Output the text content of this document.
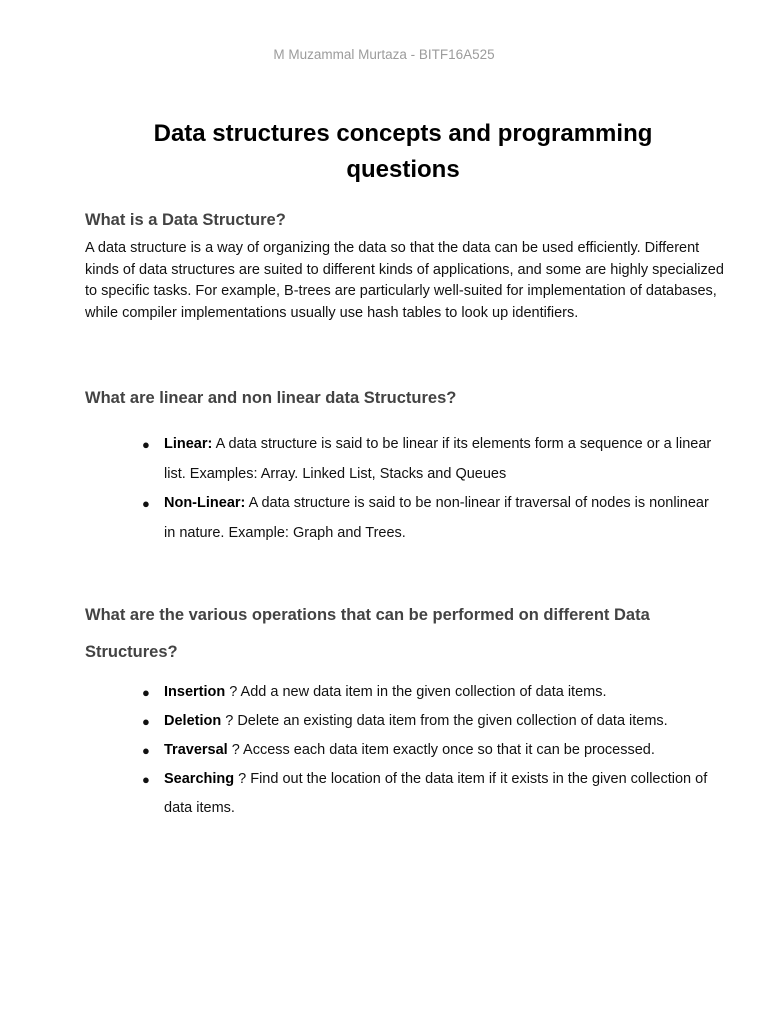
M Muzammal Murtaza - BITF16A525
Data structures concepts and programming questions
What is a Data Structure?

A data structure is a way of organizing the data so that the data can be used efficiently. Different kinds of data structures are suited to different kinds of applications, and some are highly specialized to specific tasks. For example, B-trees are particularly well-suited for implementation of databases, while compiler implementations usually use hash tables to look up identifiers.

What are linear and non linear data Structures?
● Linear: A data structure is said to be linear if its elements form a sequence or a linear list. Examples: Array. Linked List, Stacks and Queues
● Non-Linear: A data structure is said to be non-linear if traversal of nodes is nonlinear in nature. Example: Graph and Trees.
What are the various operations that can be performed on different Data Structures?
● Insertion ? Add a new data item in the given collection of data items.
● Deletion ? Delete an existing data item from the given collection of data items.
● Traversal ? Access each data item exactly once so that it can be processed.
● Searching ? Find out the location of the data item if it exists in the given collection of data items.
